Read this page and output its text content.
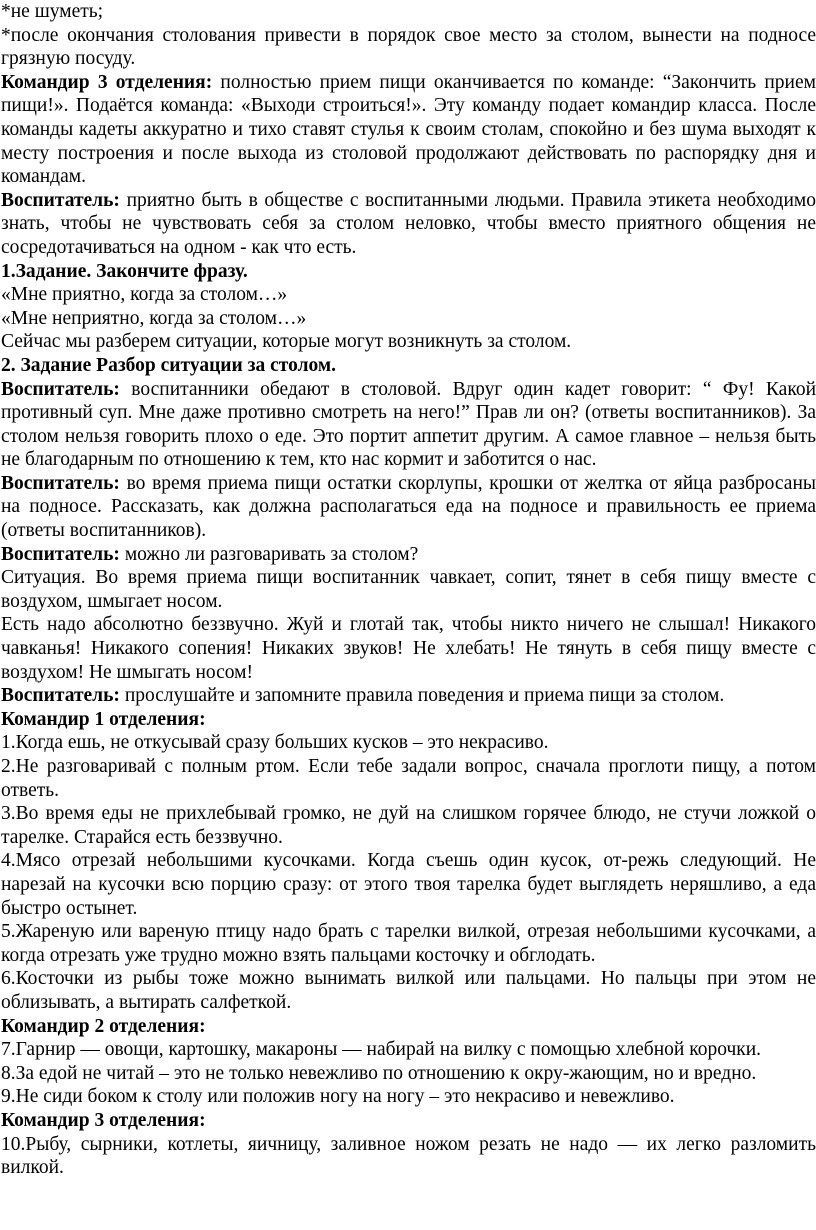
*не шуметь;

*после окончания столования привести в порядок свое место за столом, вынести на подносе грязную посуду.

Командир 3 отделения: полностью прием пищи оканчивается по команде: “Закончить прием пищи!». Подаётся команда: «Выходи строиться!». Эту команду подает командир класса. После команды кадеты аккуратно и тихо ставят стулья к своим столам, спокойно и без шума выходят к месту построения и после выхода из столовой продолжают действовать по распорядку дня и командам.

Воспитатель: приятно быть в обществе с воспитанными людьми. Правила этикета необходимо знать, чтобы не чувствовать себя за столом неловко, чтобы вместо приятного общения не сосредотачиваться на одном - как что есть.

1.Задание. Закончите фразу.

«Мне приятно, когда за столом…»

«Мне неприятно, когда за столом…»

Сейчас мы разберем ситуации, которые могут возникнуть за столом.

2. Задание Разбор ситуации за столом.

Воспитатель: воспитанники обедают в столовой. Вдруг один кадет говорит: “ Фу! Какой противный суп. Мне даже противно смотреть на него!” Прав ли он? (ответы воспитанников). За столом нельзя говорить плохо о еде. Это портит аппетит другим. А самое главное – нельзя быть не благодарным по отношению к тем, кто нас кормит и заботится о нас.

Воспитатель: во время приема пищи остатки скорлупы, крошки от желтка от яйца разбросаны на подносе. Рассказать, как должна располагаться еда на подносе и правильность ее приема (ответы воспитанников).

Воспитатель: можно ли разговаривать за столом?

Ситуация. Во время приема пищи воспитанник чавкает, сопит, тянет в себя пищу вместе с воздухом, шмыгает носом.

Есть надо абсолютно беззвучно. Жуй и глотай так, чтобы никто ничего не слышал! Никакого чавканья! Никакого сопения! Никаких звуков! Не хлебать! Не тянуть в себя пищу вместе с воздухом! Не шмыгать носом!

Воспитатель: прослушайте и запомните правила поведения и приема пищи за столом.

Командир 1 отделения:

1.Когда ешь, не откусывай сразу больших кусков – это некрасиво.

2.Не разговаривай с полным ртом. Если тебе задали вопрос, сначала проглоти пищу, а потом ответь.

3.Во время еды не прихлебывай громко, не дуй на слишком горячее блюдо, не стучи ложкой о тарелке. Старайся есть беззвучно.

4.Мясо отрезай небольшими кусочками. Когда съешь один кусок, от-режь следующий. Не нарезай на кусочки всю порцию сразу: от этого твоя тарелка будет выглядеть неряшливо, а еда быстро остынет.

5.Жареную или вареную птицу надо брать с тарелки вилкой, отрезая небольшими кусочками, а когда отрезать уже трудно можно взять пальцами косточку и обглодать.

6.Косточки из рыбы тоже можно вынимать вилкой или пальцами. Но пальцы при этом не облизывать, а вытирать салфеткой.

Командир 2 отделения:

7.Гарнир — овощи, картошку, макароны — набирай на вилку с помощью хлебной корочки.

8.За едой не читай – это не только невежливо по отношению к окру-жающим, но и вредно.

9.Не сиди боком к столу или положив ногу на ногу – это некрасиво и невежливо.

Командир 3 отделения:

10.Рыбу, сырники, котлеты, яичницу, заливное ножом резать не надо — их легко разломить вилкой.
